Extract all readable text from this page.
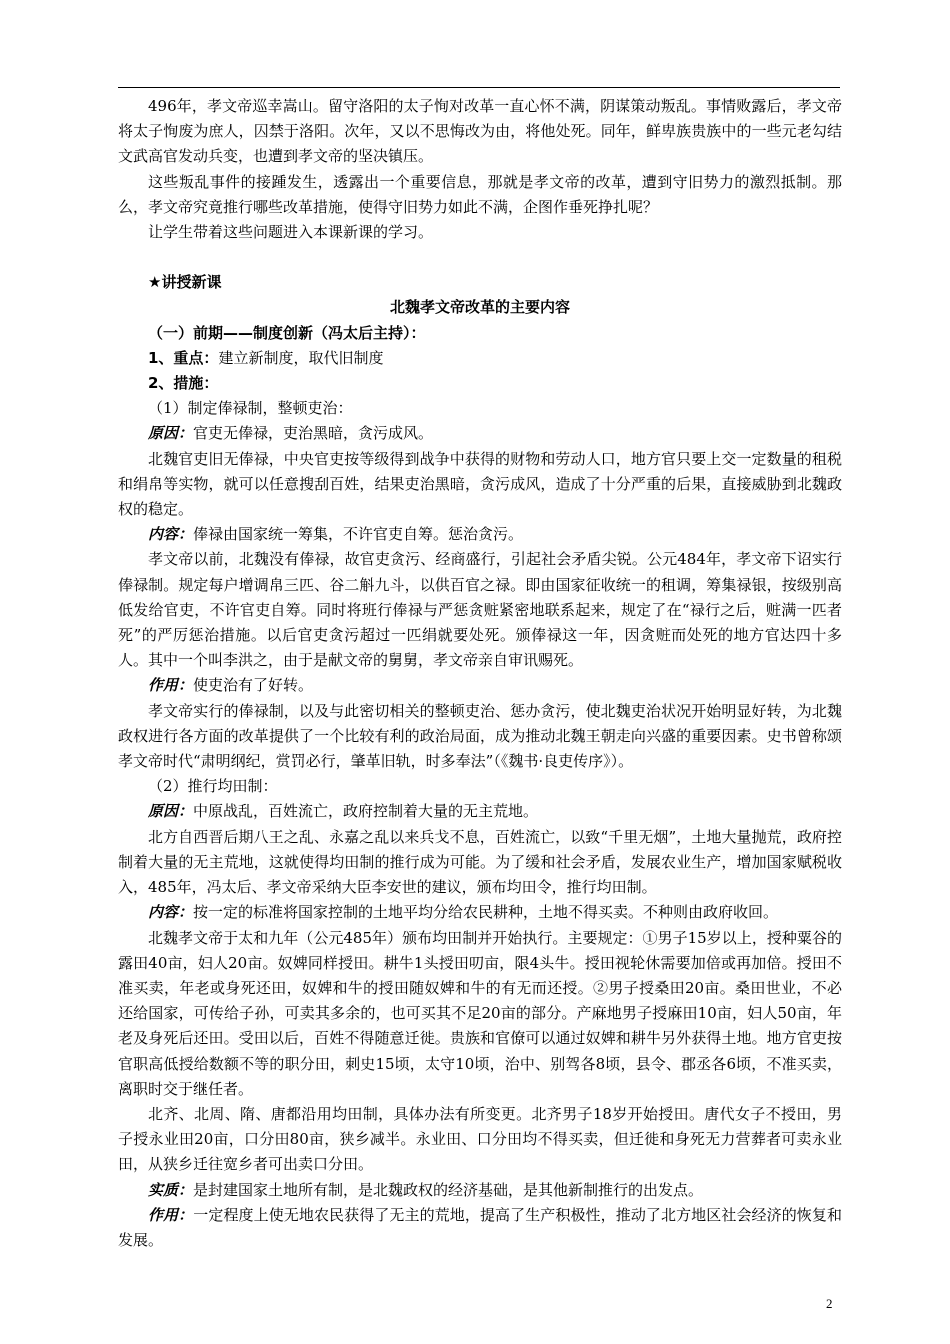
496年，孝文帝巡幸嵩山。留守洛阳的太子恂对改革一直心怀不满，阴谋策动叛乱。事情败露后，孝文帝将太子恂废为庶人，囚禁于洛阳。次年，又以不思悔改为由，将他处死。同年，鲜卑族贵族中的一些元老勾结文武高官发动兵变，也遭到孝文帝的坚决镇压。

这些叛乱事件的接踵发生，透露出一个重要信息，那就是孝文帝的改革，遭到守旧势力的激烈抵制。那么，孝文帝究竟推行哪些改革措施，使得守旧势力如此不满，企图作垂死挣扎呢？

让学生带着这些问题进入本课新课的学习。

★讲授新课

北魏孝文帝改革的主要内容

（一）前期——制度创新（冯太后主持）：

1、重点：建立新制度，取代旧制度

2、措施：

（1）制定俸禄制，整顿吏治：

原因：官吏无俸禄，吏治黑暗，贪污成风。

北魏官吏旧无俸禄，中央官吏按等级得到战争中获得的财物和劳动人口，地方官只要上交一定数量的租税和绢帛等实物，就可以任意搜刮百姓，结果吏治黑暗，贪污成风，造成了十分严重的后果，直接威胁到北魏政权的稳定。

内容：俸禄由国家统一筹集，不许官吏自筹。惩治贪污。

孝文帝以前，北魏没有俸禄，故官吏贪污、经商盛行，引起社会矛盾尖锐。公元484年，孝文帝下诏实行俸禄制。规定每户增调帛三匹、谷二斛九斗，以供百官之禄。即由国家征收统一的租调，筹集禄银，按级别高低发给官吏，不许官吏自筹。同时将班行俸禄与严惩贪赃紧密地联系起来，规定了在“禄行之后，赃满一匹者死”的严厉惩治措施。以后官吏贪污超过一匹绢就要处死。颁俸禄这一年，因贪赃而处死的地方官达四十多人。其中一个叫李洪之，由于是献文帝的舅舅，孝文帝亲自审讯赐死。

作用：使吏治有了好转。

孝文帝实行的俸禄制，以及与此密切相关的整顿吏治、惩办贪污，使北魏吏治状况开始明显好转，为北魏政权进行各方面的改革提供了一个比较有利的政治局面，成为推动北魏王朝走向兴盛的重要因素。史书曾称颂孝文帝时代“肃明纲纪，赏罚必行，肇革旧轨，时多奉法”（《魏书·良吏传序》）。

（2）推行均田制：

原因：中原战乱，百姓流亡，政府控制着大量的无主荒地。

北方自西晋后期八王之乱、永嘉之乱以来兵戈不息，百姓流亡，以致“千里无烟”，土地大量抛荒，政府控制着大量的无主荒地，这就使得均田制的推行成为可能。为了缓和社会矛盾，发展农业生产，增加国家赋税收入，485年，冯太后、孝文帝采纳大臣李安世的建议，颁布均田令，推行均田制。

内容：按一定的标准将国家控制的土地平均分给农民耕种，土地不得买卖。不种则由政府收回。

北魏孝文帝于太和九年（公元485年）颁布均田制并开始执行。主要规定：①男子15岁以上，授种粟谷的露田40亩，妇人20亩。奴婢同样授田。耕牛1头授田叨亩，限4头牛。授田视轮休需要加倍或再加倍。授田不准买卖，年老或身死还田，奴婢和牛的授田随奴婢和牛的有无而还授。②男子授桑田20亩。桑田世业，不必还给国家，可传给子孙，可卖其多余的，也可买其不足20亩的部分。产麻地男子授麻田10亩，妇人50亩，年老及身死后还田。受田以后，百姓不得随意迁徙。贵族和官僚可以通过奴婢和耕牛另外获得土地。地方官吏按官职高低授给数额不等的职分田，刺史15顷，太守10顷，治中、别驾各8顷，县令、郡丞各6顷，不准买卖，离职时交于继任者。

北齐、北周、隋、唐都沿用均田制，具体办法有所变更。北齐男子18岁开始授田。唐代女子不授田，男子授永业田20亩，口分田80亩，狭乡减半。永业田、口分田均不得买卖，但迁徙和身死无力营葬者可卖永业田，从狭乡迁往宽乡者可出卖口分田。

实质：是封建国家土地所有制，是北魏政权的经济基础，是其他新制推行的出发点。

作用：一定程度上使无地农民获得了无主的荒地，提高了生产积极性，推动了北方地区社会经济的恢复和发展。

2
